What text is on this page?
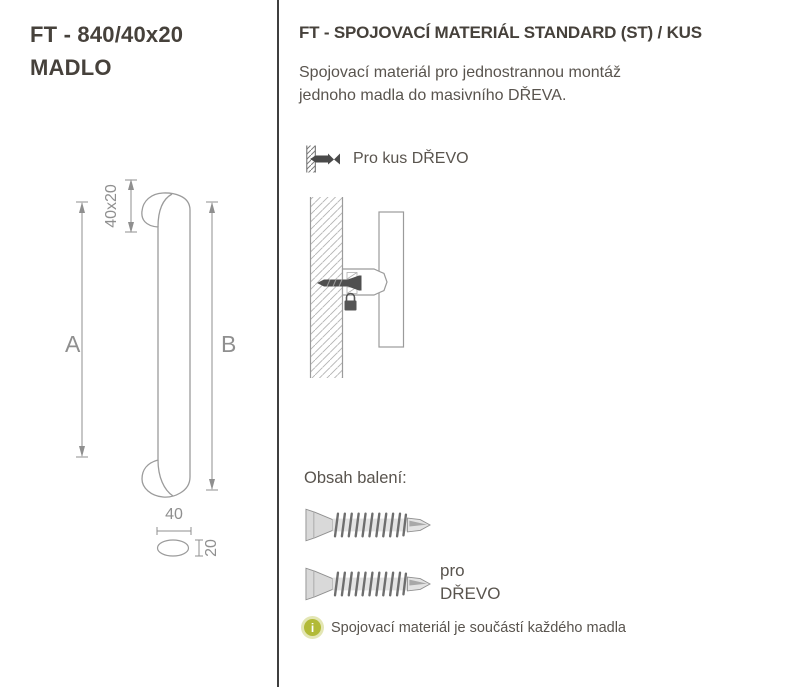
FT - 840/40x20
MADLO
40x20
A	B
40
20
FT - SPOJOVACÍ MATERIÁL STANDARD (ST) / KUS
Spojovací materiál pro jednostrannou montáž
jednoho madla do masivního DŘEVA.
Pro kus DŘEVO
Obsah balení:
pro
DŘEVO
i	Spojovací materiál je součástí každého madla
